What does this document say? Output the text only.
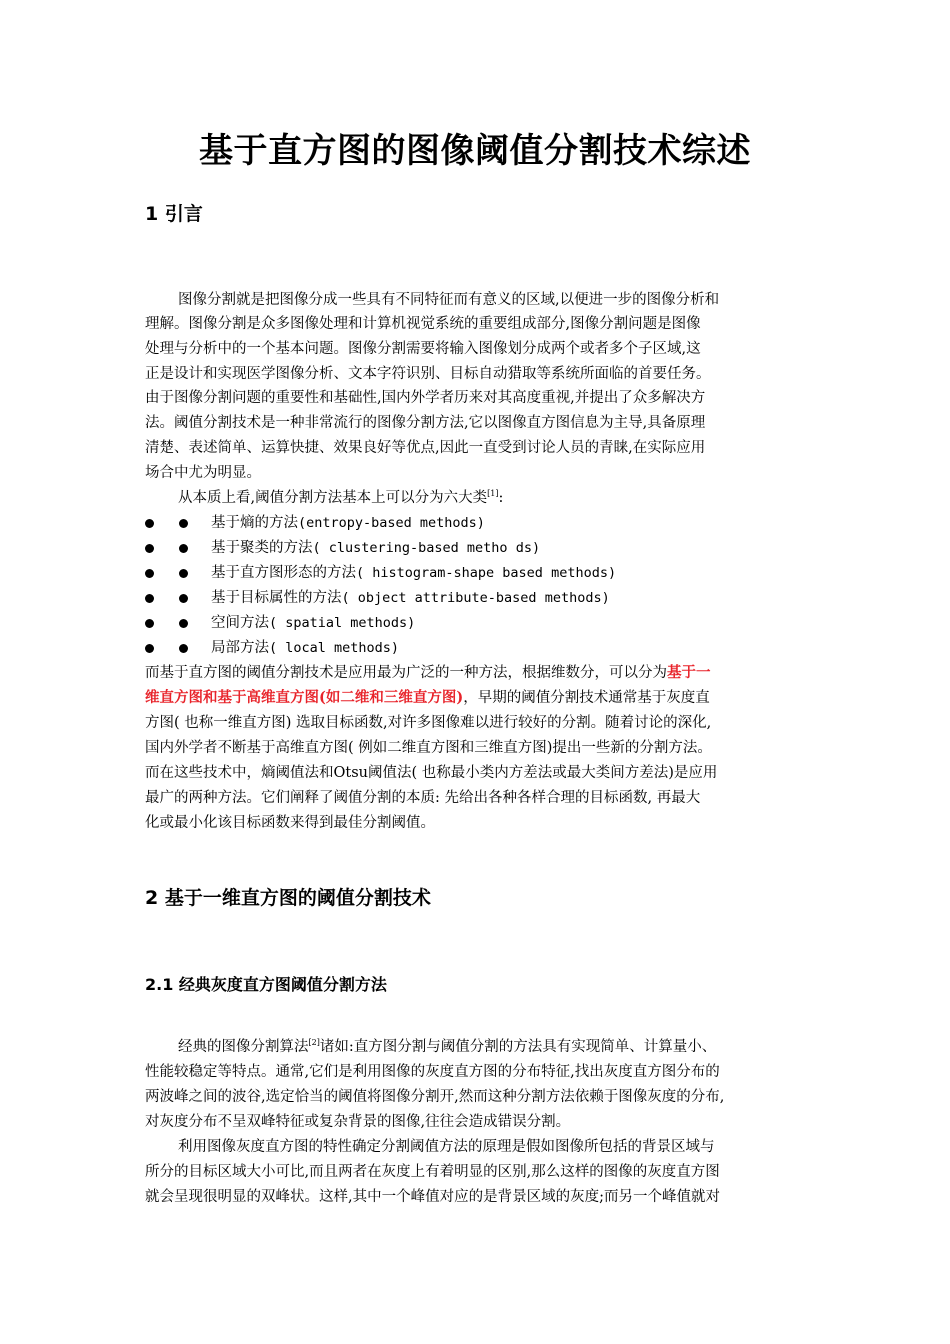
基于直方图的图像阈值分割技术综述
1 引言
图像分割就是把图像分成一些具有不同特征而有意义的区域,以便进一步的图像分析和
理解。图像分割是众多图像处理和计算机视觉系统的重要组成部分,图像分割问题是图像
处理与分析中的一个基本问题。图像分割需要将输入图像划分成两个或者多个子区域,这
正是设计和实现医学图像分析、文本字符识别、目标自动猎取等系统所面临的首要任务。
由于图像分割问题的重要性和基础性,国内外学者历来对其高度重视,并提出了众多解决方
法。阈值分割技术是一种非常流行的图像分割方法,它以图像直方图信息为主导,具备原理
清楚、表述简单、运算快捷、效果良好等优点,因此一直受到讨论人员的青睐,在实际应用
场合中尤为明显。
从本质上看,阈值分割方法基本上可以分为六大类[1]:
基于熵的方法(entropy-based methods)
基于聚类的方法( clustering-based metho ds)
基于直方图形态的方法( histogram-shape based methods)
基于目标属性的方法( object attribute-based methods)
空间方法( spatial methods)
局部方法( local methods)
而基于直方图的阈值分割技术是应用最为广泛的一种方法，根据维数分，可以分为基于一
维直方图和基于高维直方图(如二维和三维直方图)，早期的阈值分割技术通常基于灰度直
方图( 也称一维直方图) 选取目标函数,对许多图像难以进行较好的分割。随着讨论的深化,
国内外学者不断基于高维直方图( 例如二维直方图和三维直方图)提出一些新的分割方法。
而在这些技术中，熵阈值法和Otsu阈值法( 也称最小类内方差法或最大类间方差法)是应用
最广的两种方法。它们阐释了阈值分割的本质: 先给出各种各样合理的目标函数, 再最大
化或最小化该目标函数来得到最佳分割阈值。
2 基于一维直方图的阈值分割技术
2.1 经典灰度直方图阈值分割方法
经典的图像分割算法[2]诸如:直方图分割与阈值分割的方法具有实现简单、计算量小、
性能较稳定等特点。通常,它们是利用图像的灰度直方图的分布特征,找出灰度直方图分布的
两波峰之间的波谷,选定恰当的阈值将图像分割开,然而这种分割方法依赖于图像灰度的分布,
对灰度分布不呈双峰特征或复杂背景的图像,往往会造成错误分割。
利用图像灰度直方图的特性确定分割阈值方法的原理是假如图像所包括的背景区域与
所分的目标区域大小可比,而且两者在灰度上有着明显的区别,那么这样的图像的灰度直方图
就会呈现很明显的双峰状。这样,其中一个峰值对应的是背景区域的灰度;而另一个峰值就对
